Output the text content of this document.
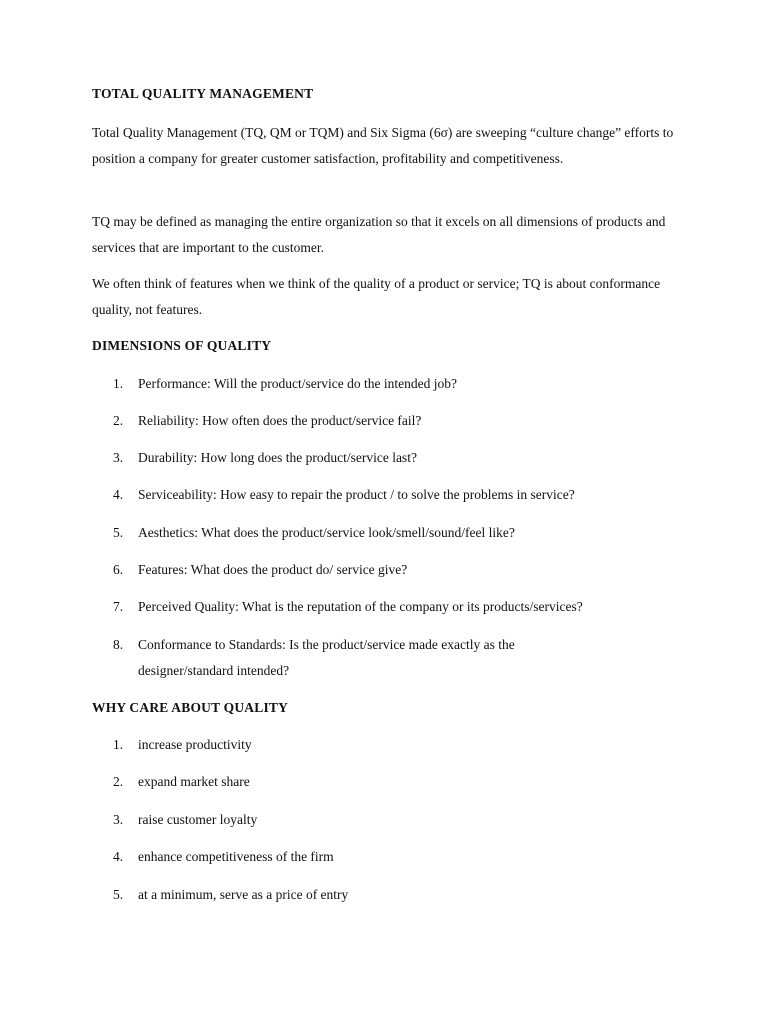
TOTAL QUALITY MANAGEMENT

Total Quality Management (TQ, QM or TQM) and Six Sigma (6σ) are sweeping “culture change” efforts to position a company for greater customer satisfaction, profitability and competitiveness.

TQ may be defined as managing the entire organization so that it excels on all dimensions of products and services that are important to the customer.

We often think of features when we think of the quality of a product or service; TQ is about conformance quality, not features.

DIMENSIONS OF QUALITY
1.	Performance: Will the product/service do the intended job?
2.	Reliability: How often does the product/service fail?
3.	Durability: How long does the product/service last?
4.	Serviceability: How easy to repair the product / to solve the problems in service?
5.	Aesthetics: What does the product/service look/smell/sound/feel like?
6.	Features: What does the product do/ service give?
7.	Perceived Quality: What is the reputation of the company or its products/services?
8.	Conformance to Standards: Is the product/service made exactly as the designer/standard intended?
WHY CARE ABOUT QUALITY
1.	increase productivity
2.	expand market share
3.	raise customer loyalty
4.	enhance competitiveness of the firm
5.	at a minimum, serve as a price of entry
